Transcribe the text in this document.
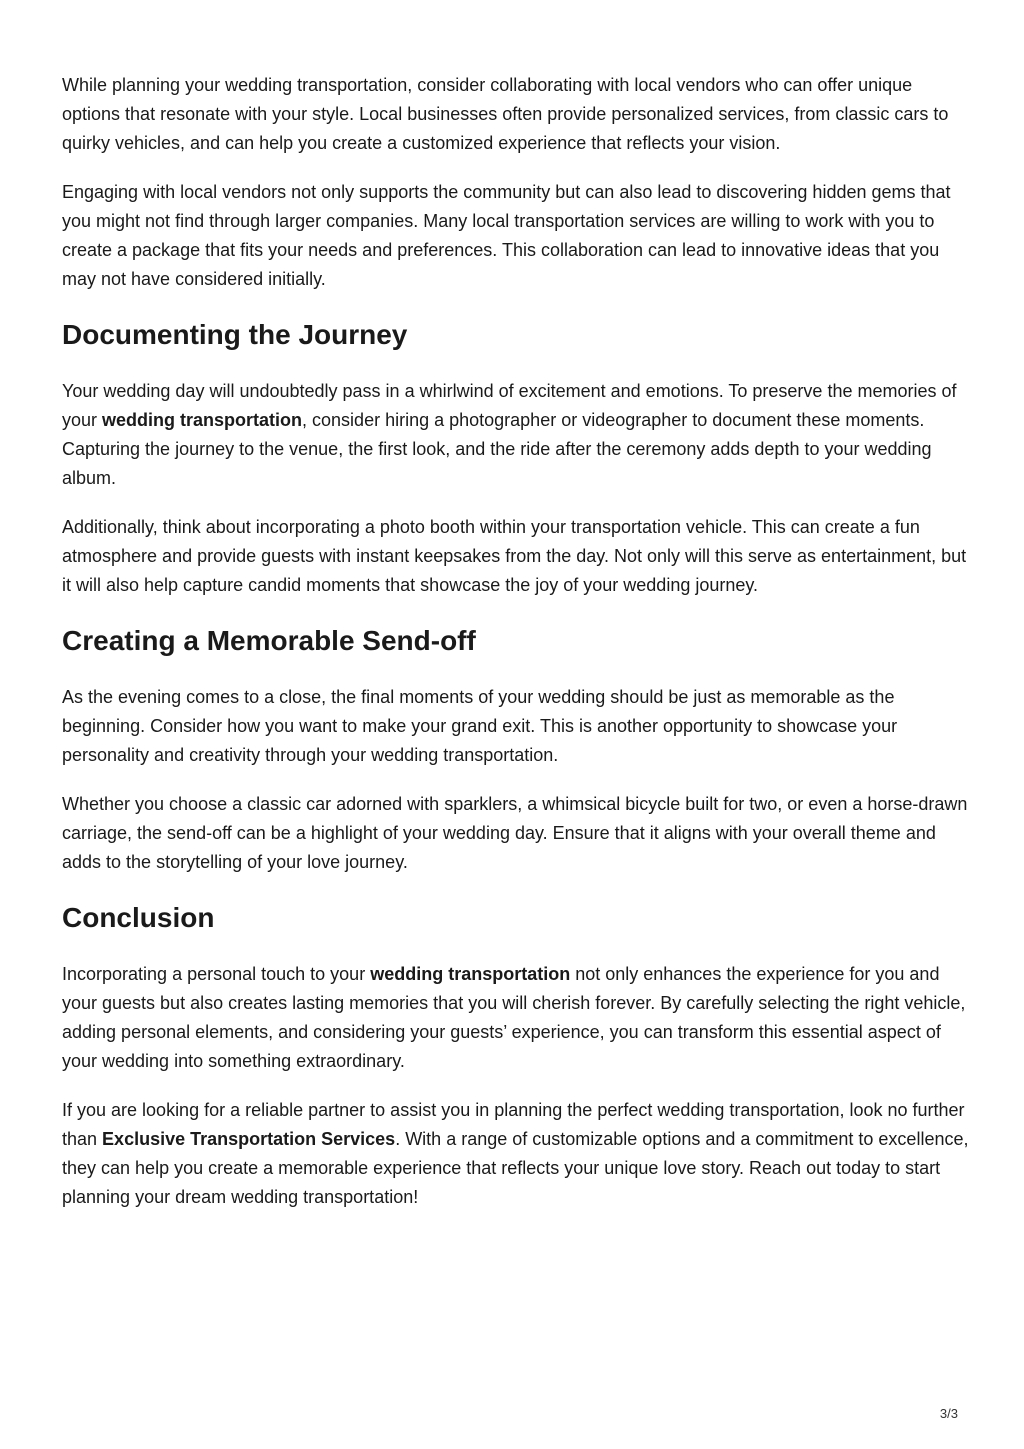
While planning your wedding transportation, consider collaborating with local vendors who can offer unique options that resonate with your style. Local businesses often provide personalized services, from classic cars to quirky vehicles, and can help you create a customized experience that reflects your vision.

Engaging with local vendors not only supports the community but can also lead to discovering hidden gems that you might not find through larger companies. Many local transportation services are willing to work with you to create a package that fits your needs and preferences. This collaboration can lead to innovative ideas that you may not have considered initially.

Documenting the Journey

Your wedding day will undoubtedly pass in a whirlwind of excitement and emotions. To preserve the memories of your wedding transportation, consider hiring a photographer or videographer to document these moments. Capturing the journey to the venue, the first look, and the ride after the ceremony adds depth to your wedding album.

Additionally, think about incorporating a photo booth within your transportation vehicle. This can create a fun atmosphere and provide guests with instant keepsakes from the day. Not only will this serve as entertainment, but it will also help capture candid moments that showcase the joy of your wedding journey.

Creating a Memorable Send-off

As the evening comes to a close, the final moments of your wedding should be just as memorable as the beginning. Consider how you want to make your grand exit. This is another opportunity to showcase your personality and creativity through your wedding transportation.

Whether you choose a classic car adorned with sparklers, a whimsical bicycle built for two, or even a horse-drawn carriage, the send-off can be a highlight of your wedding day. Ensure that it aligns with your overall theme and adds to the storytelling of your love journey.

Conclusion

Incorporating a personal touch to your wedding transportation not only enhances the experience for you and your guests but also creates lasting memories that you will cherish forever. By carefully selecting the right vehicle, adding personal elements, and considering your guests’ experience, you can transform this essential aspect of your wedding into something extraordinary.

If you are looking for a reliable partner to assist you in planning the perfect wedding transportation, look no further than Exclusive Transportation Services. With a range of customizable options and a commitment to excellence, they can help you create a memorable experience that reflects your unique love story. Reach out today to start planning your dream wedding transportation!

3/3
